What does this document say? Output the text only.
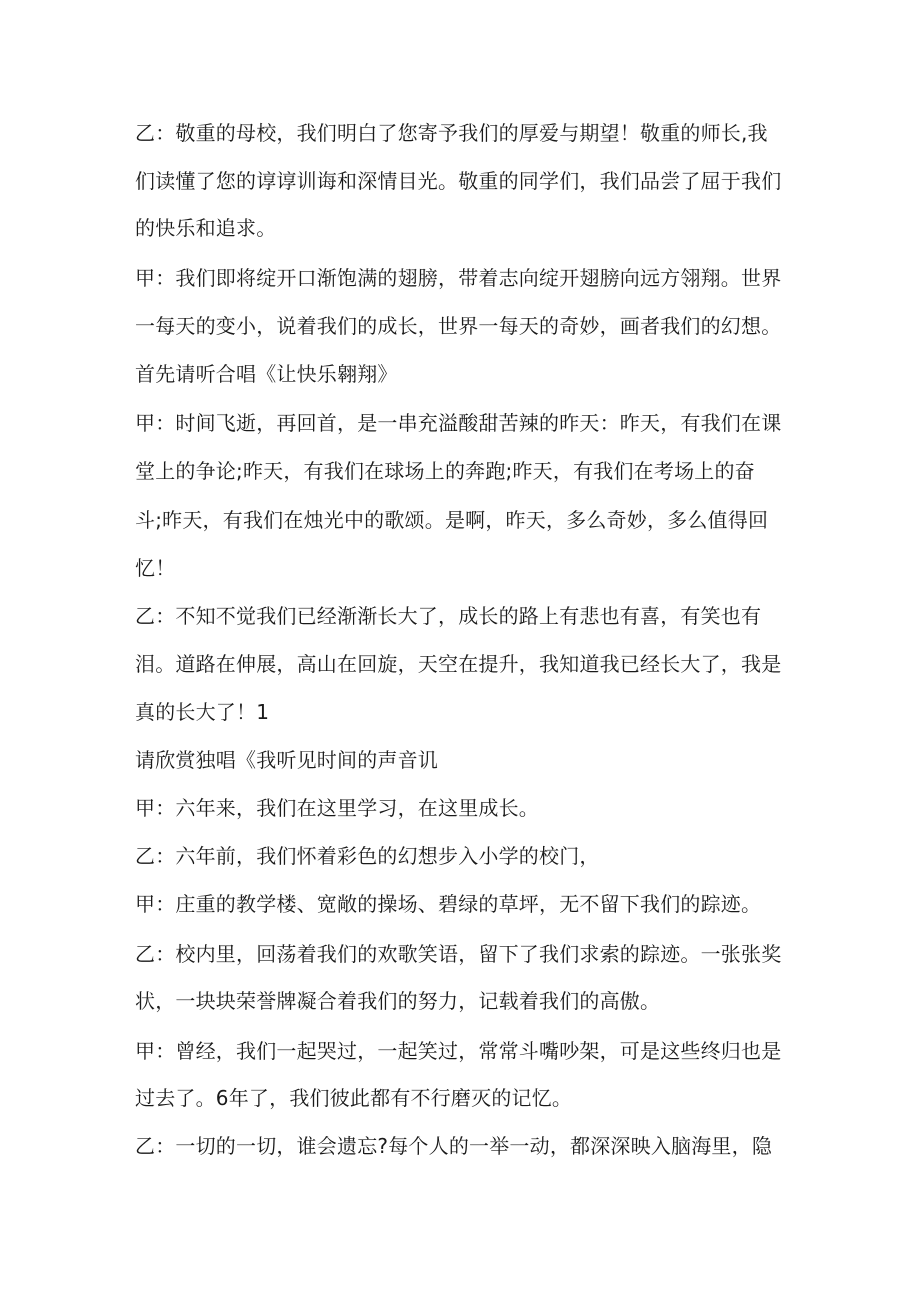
乙：敬重的母校，我们明白了您寄予我们的厚爱与期望！敬重的师长,我
们读懂了您的谆谆训诲和深情目光。敬重的同学们，我们品尝了屈于我们
的快乐和追求。
甲：我们即将绽开口渐饱满的翅膀，带着志向绽开翅膀向远方翎翔。世界
一每天的变小，说着我们的成长，世界一每天的奇妙，画者我们的幻想。
首先请听合唱《让快乐翱翔》
甲：时间飞逝，再回首，是一串充溢酸甜苦辣的昨天：昨天，有我们在课
堂上的争论;昨天，有我们在球场上的奔跑;昨天，有我们在考场上的奋
斗;昨天，有我们在烛光中的歌颂。是啊，昨天，多么奇妙，多么值得回
忆！
乙：不知不觉我们已经渐渐长大了，成长的路上有悲也有喜，有笑也有
泪。道路在伸展，高山在回旋，天空在提升，我知道我已经长大了，我是
真的长大了！1
请欣赏独唱《我听见时间的声音讥
甲：六年来，我们在这里学习，在这里成长。
乙：六年前，我们怀着彩色的幻想步入小学的校门，
甲：庄重的教学楼、宽敞的操场、碧绿的草坪，无不留下我们的踪迹。
乙：校内里，回荡着我们的欢歌笑语，留下了我们求索的踪迹。一张张奖
状，一块块荣誉牌凝合着我们的努力，记载着我们的高傲。
甲：曾经，我们一起哭过，一起笑过，常常斗嘴吵架，可是这些终归也是
过去了。6年了，我们彼此都有不行磨灭的记忆。
乙：一切的一切，谁会遗忘?每个人的一举一动，都深深映入脑海里，隐
